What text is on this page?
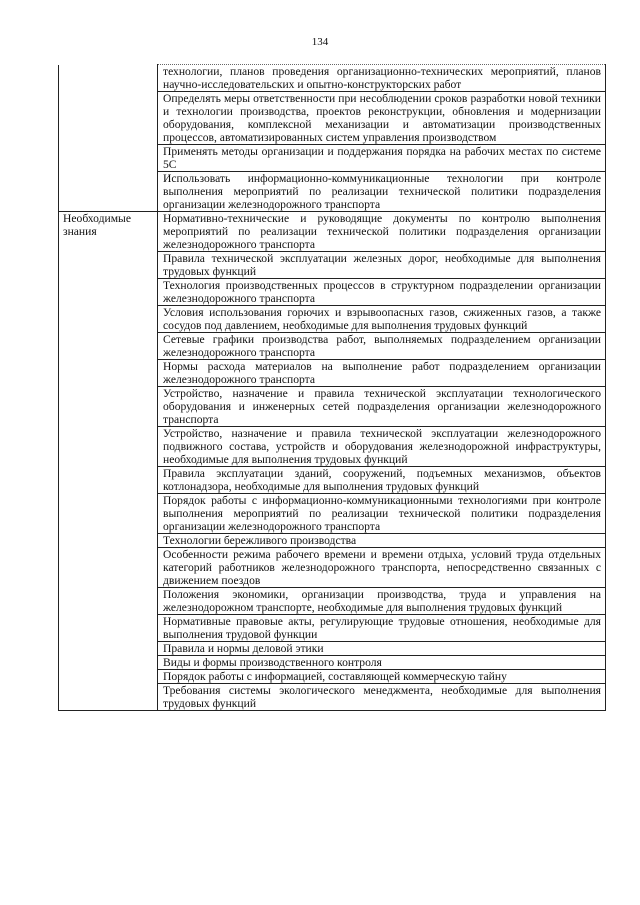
134
	технологии, планов проведения организационно-технических мероприятий, планов научно-исследовательских и опытно-конструкторских работ
	Определять меры ответственности при несоблюдении сроков разработки новой техники и технологии производства, проектов реконструкции, обновления и модернизации оборудования, комплексной механизации и автоматизации производственных процессов, автоматизированных систем управления производством
	Применять методы организации и поддержания порядка на рабочих местах по системе 5С
	Использовать информационно-коммуникационные технологии при контроле выполнения мероприятий по реализации технической политики подразделения организации железнодорожного транспорта
Необходимые знания	Нормативно-технические и руководящие документы по контролю выполнения мероприятий по реализации технической политики подразделения организации железнодорожного транспорта
	Правила технической эксплуатации железных дорог, необходимые для выполнения трудовых функций
	Технология производственных процессов в структурном подразделении организации железнодорожного транспорта
	Условия использования горючих и взрывоопасных газов, сжиженных газов, а также сосудов под давлением, необходимые для выполнения трудовых функций
	Сетевые графики производства работ, выполняемых подразделением организации железнодорожного транспорта
	Нормы расхода материалов на выполнение работ подразделением организации железнодорожного транспорта
	Устройство, назначение и правила технической эксплуатации технологического оборудования и инженерных сетей подразделения организации железнодорожного транспорта
	Устройство, назначение и правила технической эксплуатации железнодорожного подвижного состава, устройств и оборудования железнодорожной инфраструктуры, необходимые для выполнения трудовых функций
	Правила эксплуатации зданий, сооружений, подъемных механизмов, объектов котлонадзора, необходимые для выполнения трудовых функций
	Порядок работы с информационно-коммуникационными технологиями при контроле выполнения мероприятий по реализации технической политики подразделения организации железнодорожного транспорта
	Технологии бережливого производства
	Особенности режима рабочего времени и времени отдыха, условий труда отдельных категорий работников железнодорожного транспорта, непосредственно связанных с движением поездов
	Положения экономики, организации производства, труда и управления на железнодорожном транспорте, необходимые для выполнения трудовых функций
	Нормативные правовые акты, регулирующие трудовые отношения, необходимые для выполнения трудовой функции
	Правила и нормы деловой этики
	Виды и формы производственного контроля
	Порядок работы с информацией, составляющей коммерческую тайну
	Требования системы экологического менеджмента, необходимые для выполнения трудовых функций
